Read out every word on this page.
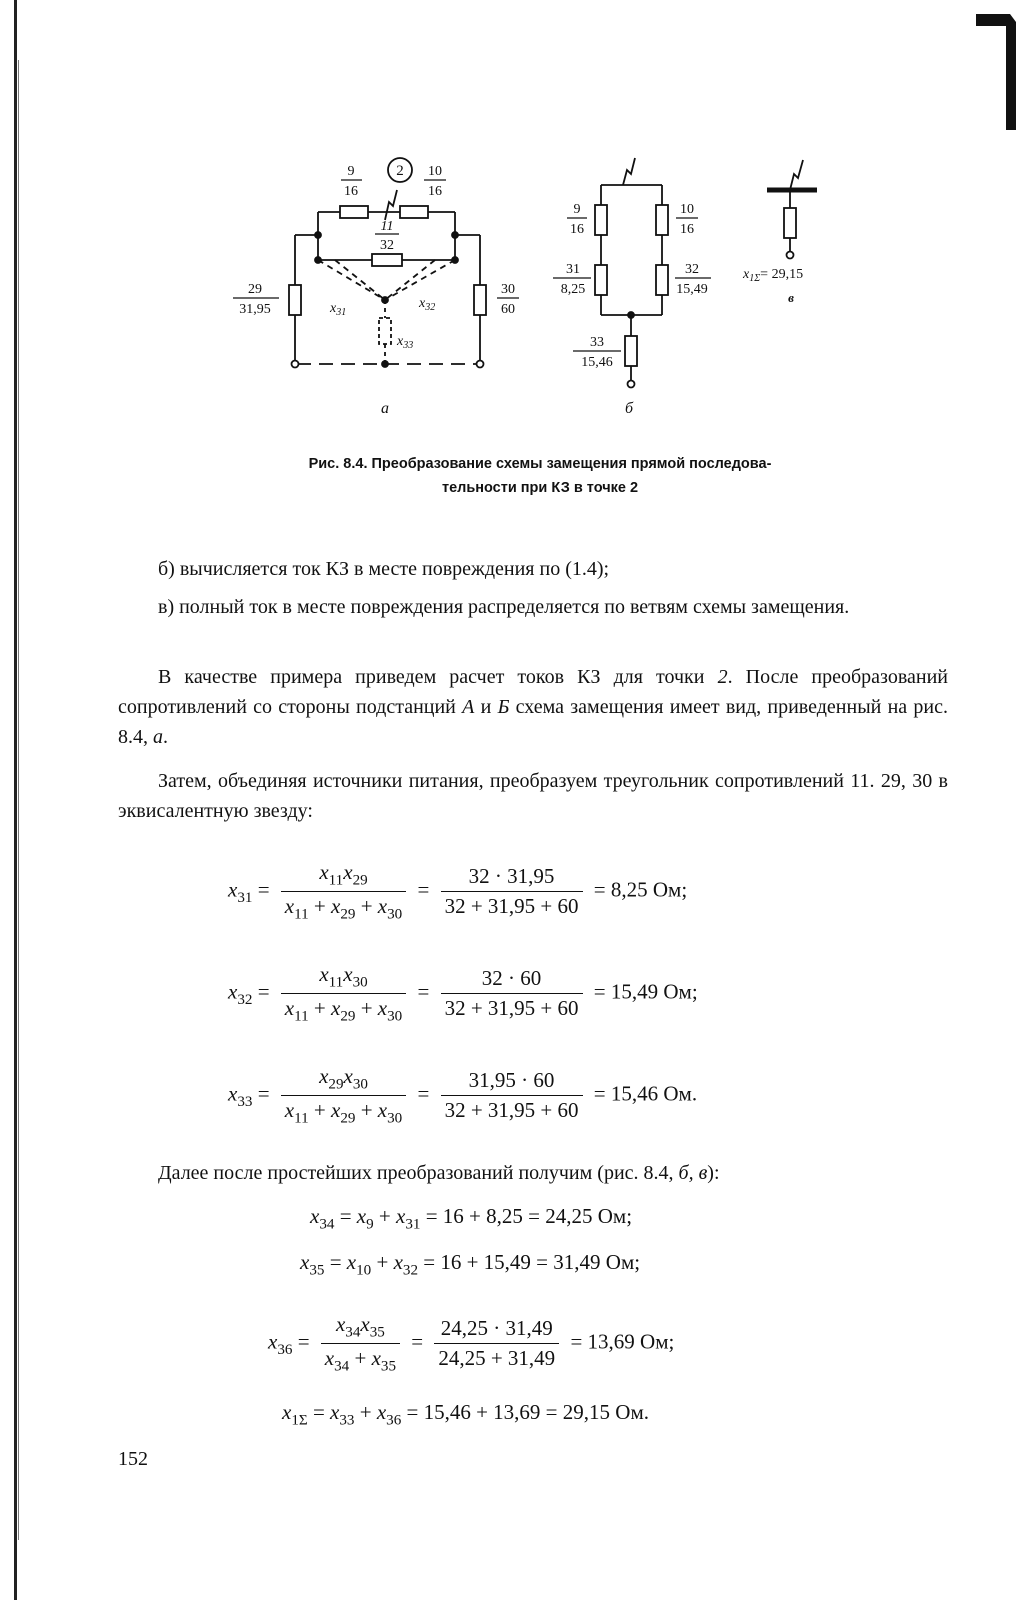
9
16
2 10
16
11
32
29
31,95
30
60
$x_{31}$
$x_{32}$
$x_{33}$
а
9
16
10
16
31
8,25
32
15,49
33
15,46
б
$x_{1\Sigma}= 29,15$
в
Рис. 8.4. Преобразование схемы замещения прямой последова-
тельности при КЗ в точке 2
б) вычисляется ток КЗ в месте повреждения по (1.4);
в) полный ток в месте повреждения распределяется по ветвям схемы замещения.
В качестве примера приведем расчет токов КЗ для точки 2. После преобразований сопротивлений со стороны подстанций А и Б схема замещения имеет вид, приведенный на рис. 8.4, а.
Затем, объединяя источники питания, преобразуем треугольник сопротивлений 11. 29, 30 в эквисалентную звезду:
$x_{31} = \frac{x_{11}x_{29}}{x_{11} + x_{29} + x_{30}} = \frac{32 \cdot 31,95}{32 + 31,95 + 60} = 8,25$ Ом;
$x_{32} = \frac{x_{11}x_{30}}{x_{11} + x_{29} + x_{30}} = \frac{32 \cdot 60}{32 + 31,95 + 60} = 15,49$ Ом;
$x_{33} = \frac{x_{29}x_{30}}{x_{11} + x_{29} + x_{30}} = \frac{31,95 \cdot 60}{32 + 31,95 + 60} = 15,46$ Ом.
Далее после простейших преобразований получим (рис. 8.4, б, в):
$x_{34} = x_9 + x_{31} = 16 + 8,25 = 24,25$ Ом;
$x_{35} = x_{10} + x_{32} = 16 + 15,49 = 31,49$ Ом;
$x_{36} = \frac{x_{34}x_{35}}{x_{34} + x_{35}} = \frac{24,25 \cdot 31,49}{24,25 + 31,49} = 13,69$ Ом;
$x_{1\Sigma} = x_{33} + x_{36} = 15,46 + 13,69 = 29,15$ Ом.
152
